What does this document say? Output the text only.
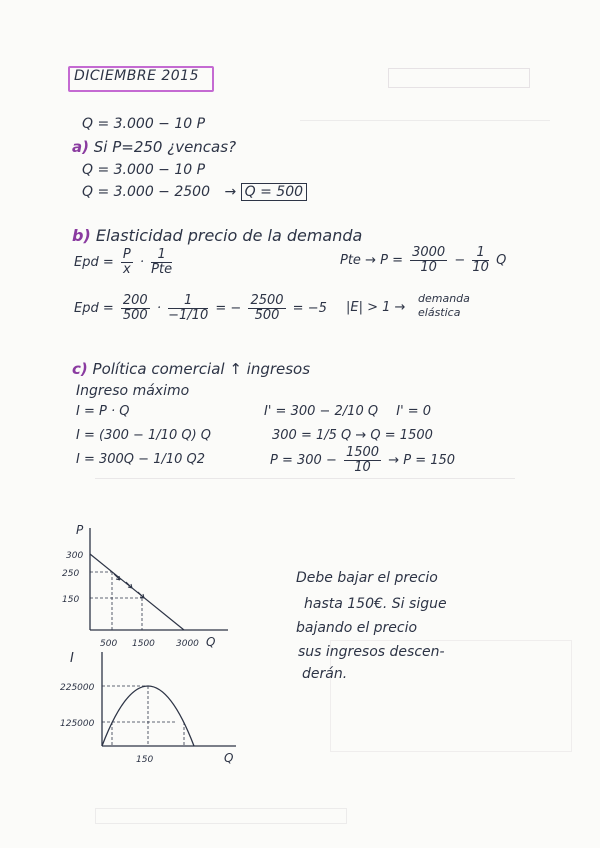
DICIEMBRE 2015
Q = 3.000 − 10 P
a) Si P=250 ¿vencas?
Q = 3.000 − 10 P
Q = 3.000 − 2500 → Q = 500
b) Elasticidad precio de la demanda
Epd = $\frac{P}{x} \cdot \frac{1}{\text{Pte}}$	Pte → $P = \frac{3000}{10} - \frac{1}{10}$ Q
Epd = $\frac{200}{500} \cdot \frac{1}{-1/10}$ = − $\frac{2500}{500} = -5$ |E| > 1 →
demanda
elástica
c) Política comercial ↑ ingresos
Ingreso máximo
I = P · Q
I = (300 − 1/10 Q) Q
I = 300Q − 1/10 Q2
I' = 300 − 2/10 Q I' = 0
300 = 1/5 Q → Q = 1500
$P = 300 - \frac{1500}{10} \to P = 150$
P
300
250
150
500 1500 3000 Q
I
225000
125000
150	Q
Debe bajar el precio
hasta 150€. Si sigue
bajando el precio
sus ingresos descen-
derán.
